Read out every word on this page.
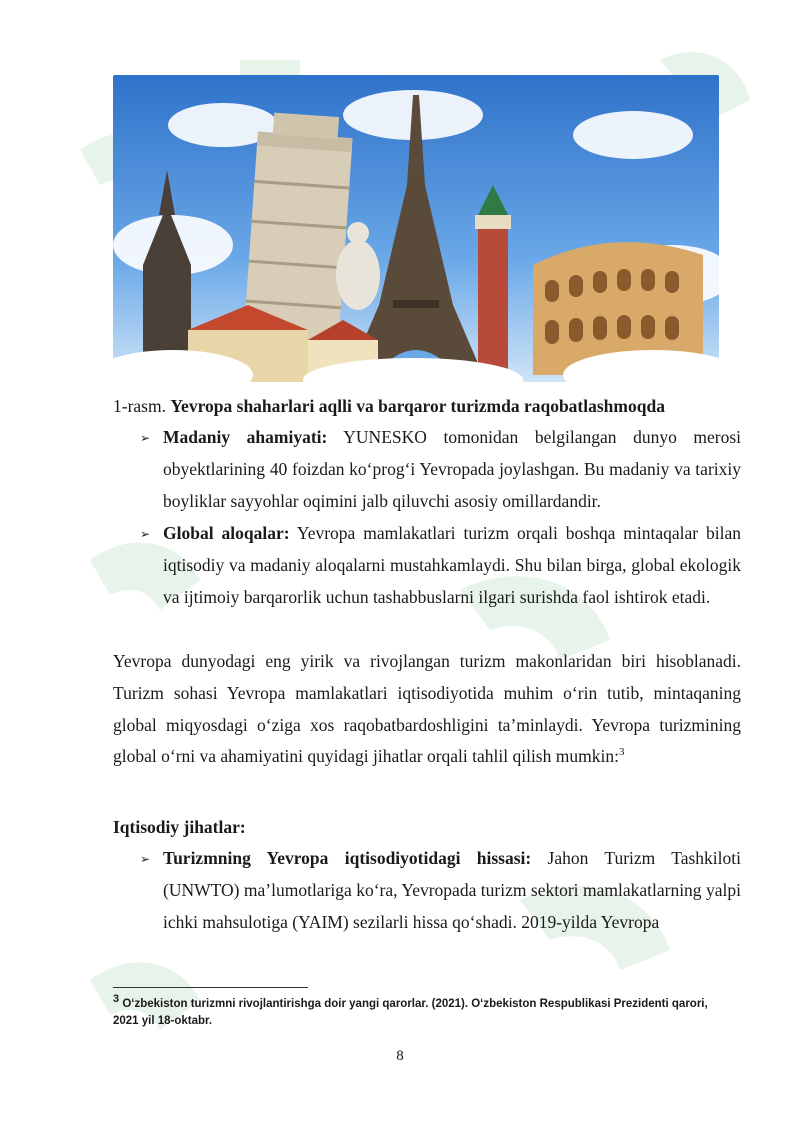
1-rasm. Yevropa shaharlari aqlli va barqaror turizmda raqobatlashmoqda
➢ Madaniy ahamiyati: YUNESKO tomonidan belgilangan dunyo merosi obyektlarining 40 foizdan ko‘prog‘i Yevropada joylashgan. Bu madaniy va tarixiy boyliklar sayyohlar oqimini jalb qiluvchi asosiy omillardandir.
➢ Global aloqalar: Yevropa mamlakatlari turizm orqali boshqa mintaqalar bilan iqtisodiy va madaniy aloqalarni mustahkamlaydi. Shu bilan birga, global ekologik va ijtimoiy barqarorlik uchun tashabbuslarni ilgari surishda faol ishtirok etadi.
Yevropa dunyodagi eng yirik va rivojlangan turizm makonlaridan biri hisoblanadi. Turizm sohasi Yevropa mamlakatlari iqtisodiyotida muhim o‘rin tutib, mintaqaning global miqyosdagi o‘ziga xos raqobatbardoshligini ta’minlaydi. Yevropa turizmining global o‘rni va ahamiyatini quyidagi jihatlar orqali tahlil qilish mumkin:$^3$
Iqtisodiy jihatlar:
➢ Turizmning Yevropa iqtisodiyotidagi hissasi: Jahon Turizm Tashkiloti (UNWTO) ma’lumotlariga ko‘ra, Yevropada turizm sektori mamlakatlarning yalpi ichki mahsulotiga (YAIM) sezilarli hissa qo‘shadi. 2019-yilda Yevropa
3 O‘zbekiston turizmni rivojlantirishga doir yangi qarorlar. (2021). O‘zbekiston Respublikasi Prezidenti qarori, 2021 yil 18-oktabr.
8
